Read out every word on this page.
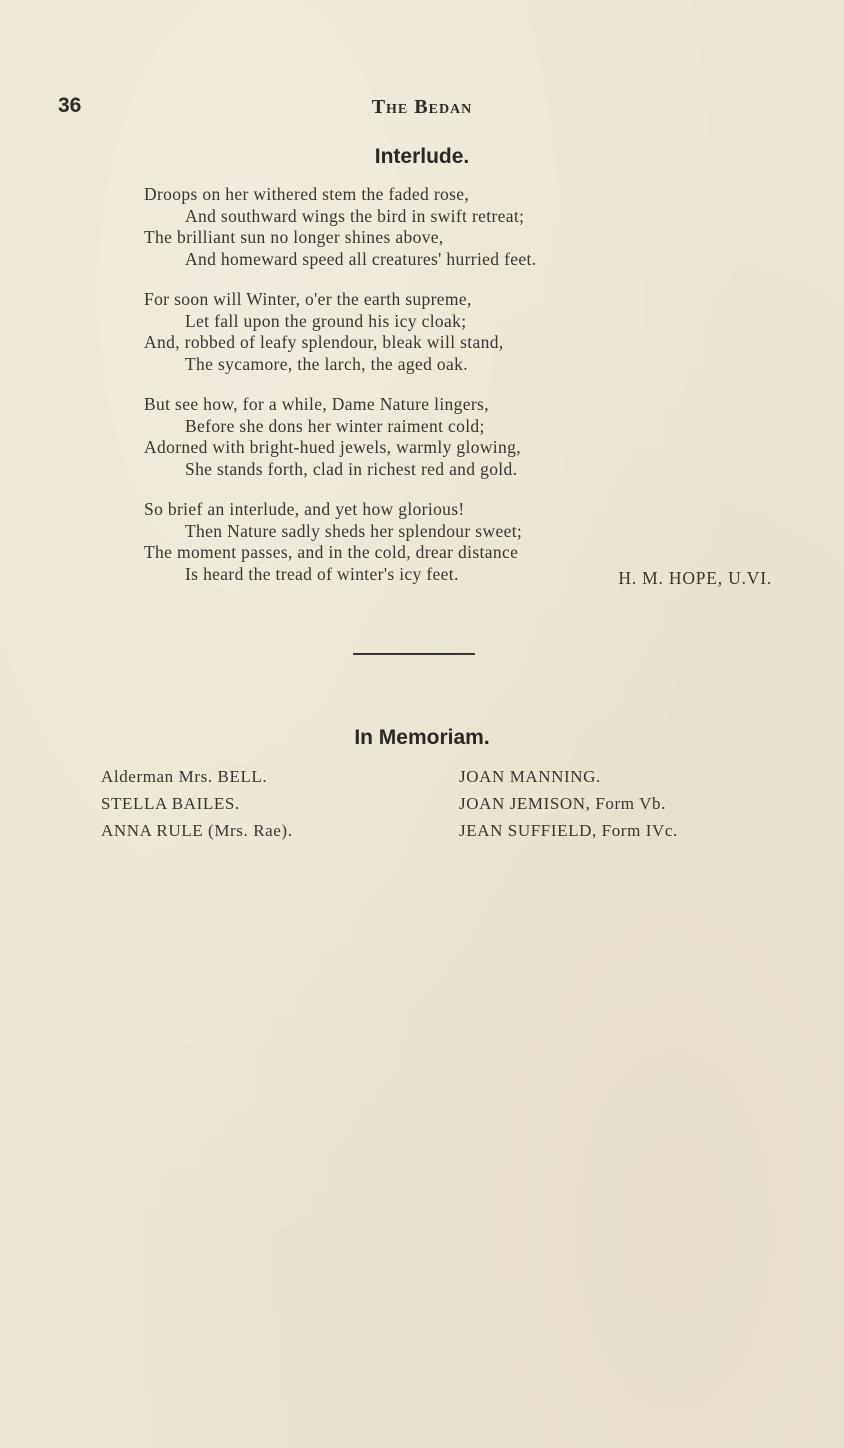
36	The Bedan
Interlude.
Droops on her withered stem the faded rose,
And southward wings the bird in swift retreat;
The brilliant sun no longer shines above,
And homeward speed all creatures' hurried feet.
For soon will Winter, o'er the earth supreme,
Let fall upon the ground his icy cloak;
And, robbed of leafy splendour, bleak will stand,
The sycamore, the larch, the aged oak.
But see how, for a while, Dame Nature lingers,
Before she dons her winter raiment cold;
Adorned with bright-hued jewels, warmly glowing,
She stands forth, clad in richest red and gold.
So brief an interlude, and yet how glorious!
Then Nature sadly sheds her splendour sweet;
The moment passes, and in the cold, drear distance
Is heard the tread of winter's icy feet.	H. M. HOPE, U.VI.
In Memoriam.
Alderman Mrs. BELL.
STELLA BAILES.
ANNA RULE (Mrs. Rae).
JOAN MANNING.
JOAN JEMISON, Form Vb.
JEAN SUFFIELD, Form IVc.
